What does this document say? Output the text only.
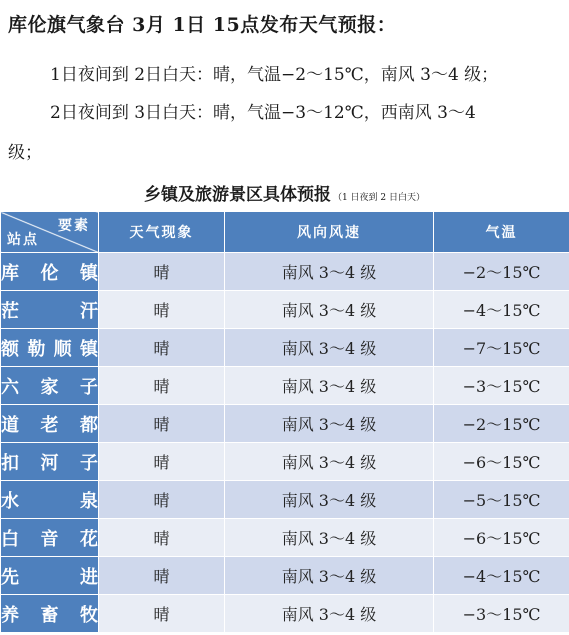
库伦旗气象台 3月 1日 15点发布天气预报：
1日夜间到 2日白天：晴，气温−2～15℃，南风 3～4 级；
2日夜间到 3日白天：晴，气温−3～12℃，西南风 3～4
级；
乡镇及旅游景区具体预报 （1 日夜到 2 日白天）
要素
站点	天气现象	风向风速	气温
库伦镇	晴	南风 3～4 级	−2～15℃
茫汗	晴	南风 3～4 级	−4～15℃
额勒顺镇	晴	南风 3～4 级	−7～15℃
六家子	晴	南风 3～4 级	−3～15℃
道老都	晴	南风 3～4 级	−2～15℃
扣河子	晴	南风 3～4 级	−6～15℃
水泉	晴	南风 3～4 级	−5～15℃
白音花	晴	南风 3～4 级	−6～15℃
先进	晴	南风 3～4 级	−4～15℃
养畜牧	晴	南风 3～4 级	−3～15℃
